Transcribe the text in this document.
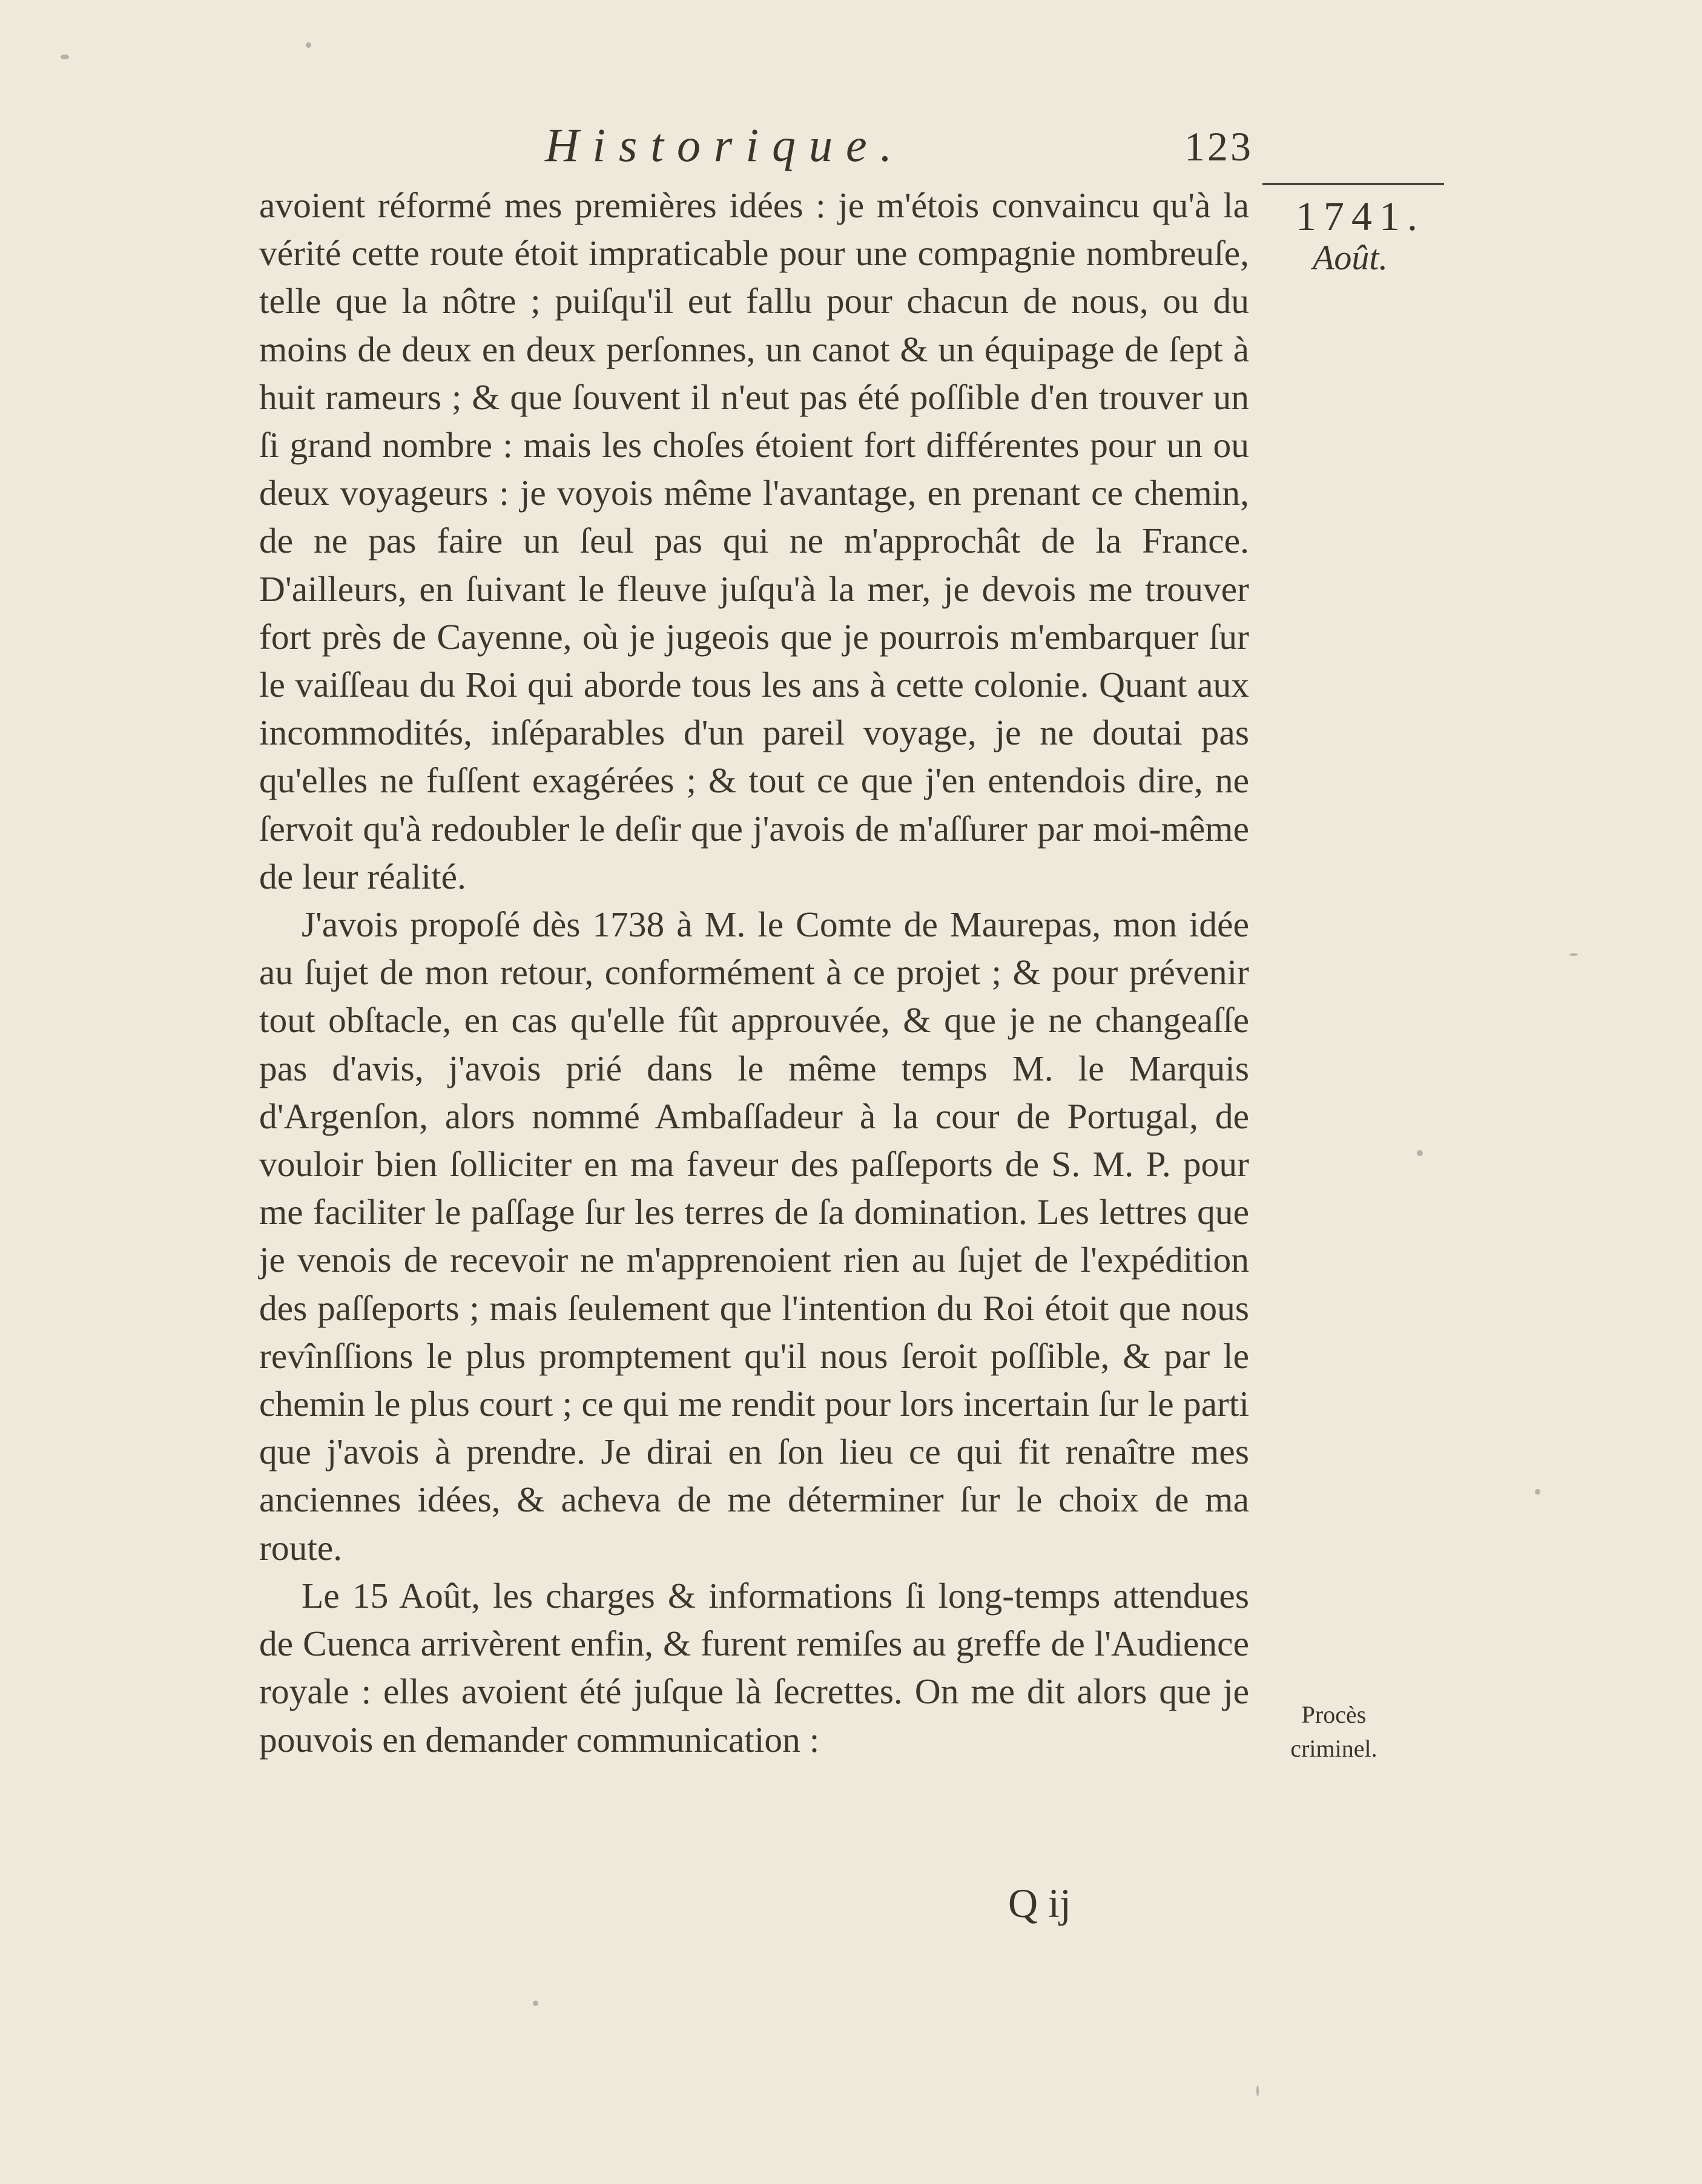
Historique.	123
1741.
Août.

avoient réformé mes premières idées : je m'étois convaincu qu'à la vérité cette route étoit impraticable pour une compagnie nombreuſe, telle que la nôtre ; puiſqu'il eut fallu pour chacun de nous, ou du moins de deux en deux perſonnes, un canot & un équipage de ſept à huit rameurs ; & que ſouvent il n'eut pas été poſſible d'en trouver un ſi grand nombre : mais les choſes étoient fort différentes pour un ou deux voyageurs : je voyois même l'avantage, en prenant ce chemin, de ne pas faire un ſeul pas qui ne m'approchât de la France. D'ailleurs, en ſuivant le fleuve juſqu'à la mer, je devois me trouver fort près de Cayenne, où je jugeois que je pourrois m'embarquer ſur le vaiſſeau du Roi qui aborde tous les ans à cette colonie. Quant aux incommodités, inſéparables d'un pareil voyage, je ne doutai pas qu'elles ne fuſſent exagérées ; & tout ce que j'en entendois dire, ne ſervoit qu'à redoubler le deſir que j'avois de m'aſſurer par moi-même de leur réalité.

J'avois propoſé dès 1738 à M. le Comte de Maurepas, mon idée au ſujet de mon retour, conformément à ce projet ; & pour prévenir tout obſtacle, en cas qu'elle fût approuvée, & que je ne changeaſſe pas d'avis, j'avois prié dans le même temps M. le Marquis d'Argenſon, alors nommé Ambaſſadeur à la cour de Portugal, de vouloir bien ſolliciter en ma faveur des paſſeports de S. M. P. pour me faciliter le paſſage ſur les terres de ſa domination. Les lettres que je venois de recevoir ne m'apprenoient rien au ſujet de l'expédition des paſſeports ; mais ſeulement que l'intention du Roi étoit que nous revînſſions le plus promptement qu'il nous ſeroit poſſible, & par le chemin le plus court ; ce qui me rendit pour lors incertain ſur le parti que j'avois à prendre. Je dirai en ſon lieu ce qui fit renaître mes anciennes idées, & acheva de me déterminer ſur le choix de ma route.

Le 15 Août, les charges & informations ſi long-temps attendues de Cuenca arrivèrent enfin, & furent remiſes au greffe de l'Audience royale : elles avoient été juſque là ſecrettes. On me dit alors que je pouvois en demander communication :

Procès criminel.
Q ij
